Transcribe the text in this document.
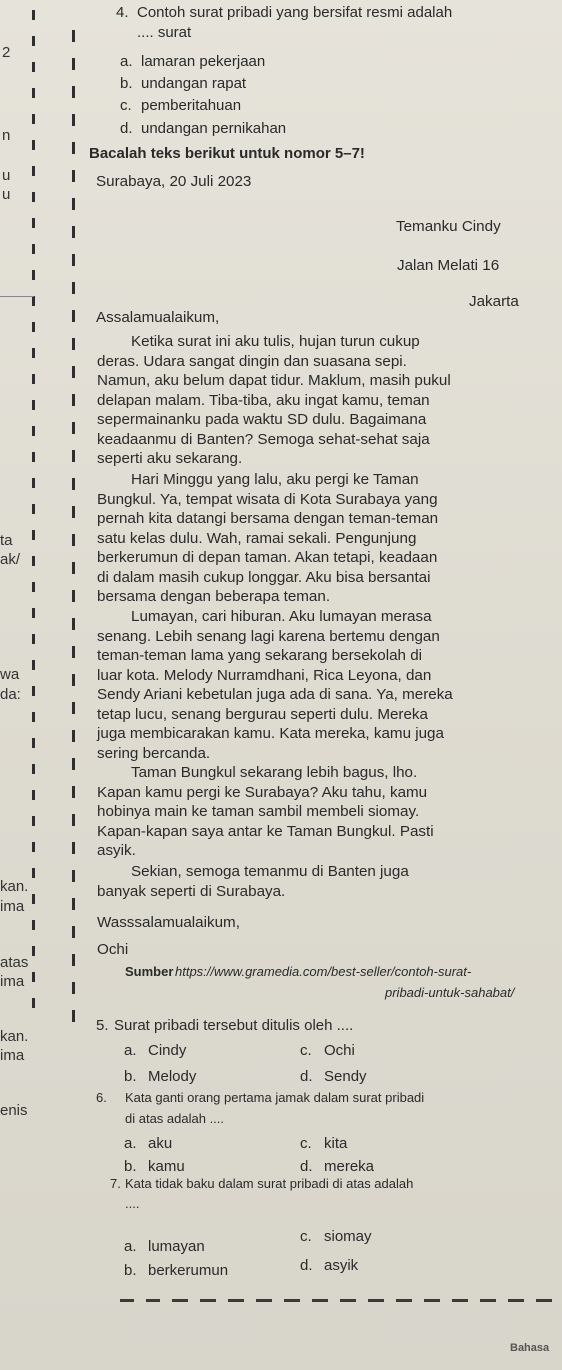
2
n
u
u
ta
ak/
wa
da:
kan.
ima
atas
ima
kan.
ima
enis
4. Contoh surat pribadi yang bersifat resmi adalah
.... surat
a. lamaran pekerjaan
b. undangan rapat
c. pemberitahuan
d. undangan pernikahan
Bacalah teks berikut untuk nomor 5–7!
Surabaya, 20 Juli 2023
Temanku Cindy
Jalan Melati 16
Jakarta
Assalamualaikum,
Ketika surat ini aku tulis, hujan turun cukup
deras. Udara sangat dingin dan suasana sepi.
Namun, aku belum dapat tidur. Maklum, masih pukul
delapan malam. Tiba-tiba, aku ingat kamu, teman
sepermainanku pada waktu SD dulu. Bagaimana
keadaanmu di Banten? Semoga sehat-sehat saja
seperti aku sekarang.
Hari Minggu yang lalu, aku pergi ke Taman
Bungkul. Ya, tempat wisata di Kota Surabaya yang
pernah kita datangi bersama dengan teman-teman
satu kelas dulu. Wah, ramai sekali. Pengunjung
berkerumun di depan taman. Akan tetapi, keadaan
di dalam masih cukup longgar. Aku bisa bersantai
bersama dengan beberapa teman.
Lumayan, cari hiburan. Aku lumayan merasa
senang. Lebih senang lagi karena bertemu dengan
teman-teman lama yang sekarang bersekolah di
luar kota. Melody Nurramdhani, Rica Leyona, dan
Sendy Ariani kebetulan juga ada di sana. Ya, mereka
tetap lucu, senang bergurau seperti dulu. Mereka
juga membicarakan kamu. Kata mereka, kamu juga
sering bercanda.
Taman Bungkul sekarang lebih bagus, lho.
Kapan kamu pergi ke Surabaya? Aku tahu, kamu
hobinya main ke taman sambil membeli siomay.
Kapan-kapan saya antar ke Taman Bungkul. Pasti
asyik.
Sekian, semoga temanmu di Banten juga
banyak seperti di Surabaya.
Wasssalamualaikum,
Ochi
Sumber https://www.gramedia.com/best-seller/contoh-surat-
pribadi-untuk-sahabat/
5. Surat pribadi tersebut ditulis oleh ....
a. Cindy	c. Ochi
b. Melody	d. Sendy
6. Kata ganti orang pertama jamak dalam surat pribadi
di atas adalah ....
a. aku	c. kita
b. kamu	d. mereka
7. Kata tidak baku dalam surat pribadi di atas adalah
....
a. lumayan
c. siomay
b. berkerumun	d. asyik
Bahasa
